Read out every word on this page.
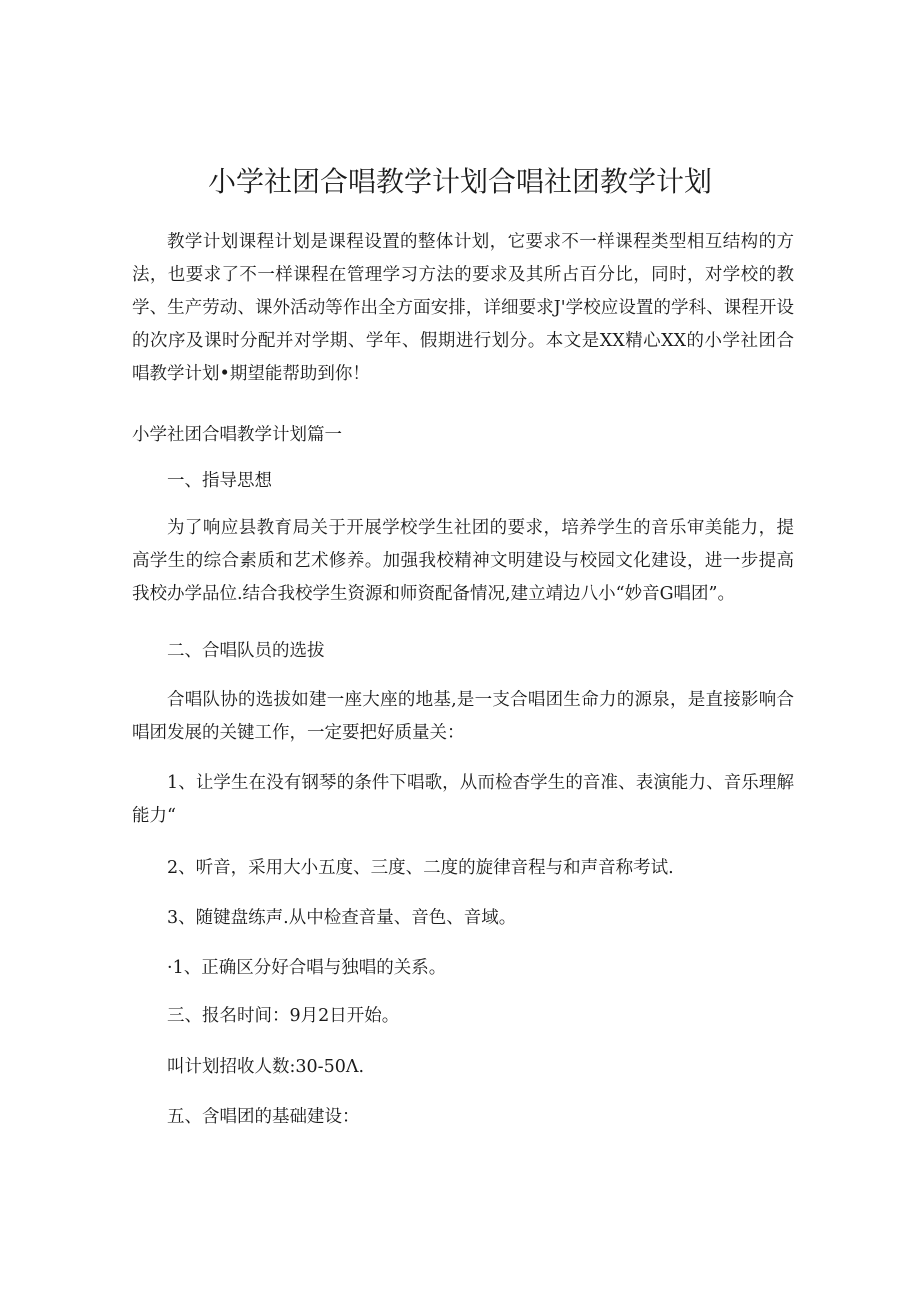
小学社团合唱教学计划合唱社团教学计划

教学计划课程计划是课程设置的整体计划，它要求不一样课程类型相互结构的方法，也要求了不一样课程在管理学习方法的要求及其所占百分比，同时，对学校的教学、生产劳动、课外活动等作出全方面安排，详细要求J'学校应设置的学科、课程开设的次序及课时分配并对学期、学年、假期进行划分。本文是XX精心XX的小学社团合唱教学计划•期望能帮助到你！

小学社团合唱教学计划篇一

一、指导思想

为了响应县教育局关于开展学校学生社团的要求，培养学生的音乐审美能力，提高学生的综合素质和艺术修养。加强我校精神文明建设与校园文化建设，进一步提高我校办学品位.结合我校学生资源和师资配备情况,建立靖边八小“妙音G唱团”。

二、合唱队员的选拔

合唱队协的选拔如建一座大座的地基,是一支合唱团生命力的源泉，是直接影响合唱团发展的关键工作，一定要把好质量关：

1、让学生在没有钢琴的条件下唱歌，从而检杳学生的音准、表演能力、音乐理解能力“

2、听音，采用大小五度、三度、二度的旋律音程与和声音称考试.

3、随键盘练声.从中检查音量、音色、音域。

·1、正确区分好合唱与独唱的关系。

三、报名时间：9月2日开始。

叫计划招收人数:30-50Λ.

五、含唱团的基础建设：
